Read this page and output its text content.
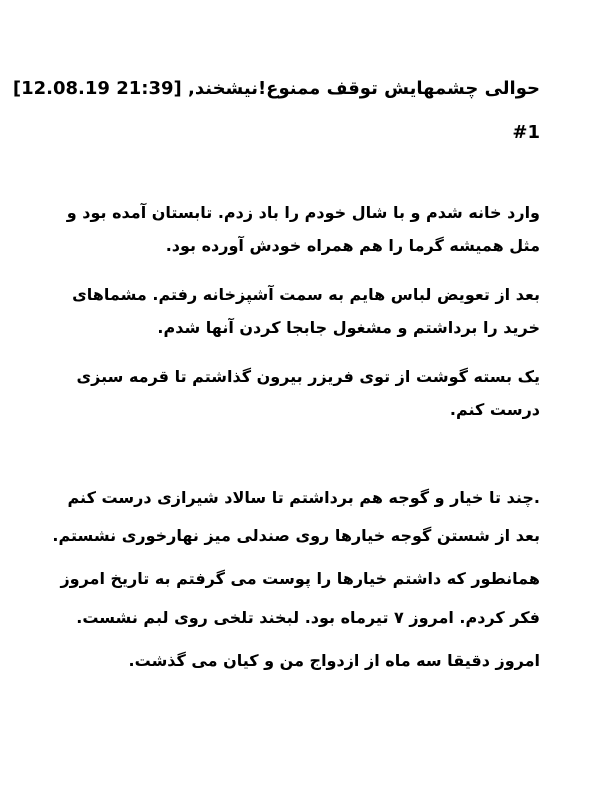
[حوالی چشمهایش توقف ممنوع!نیشخند, [21:39 12.08.19

#1

وارد خانه شدم و با شال خودم را باد زدم. تابستان آمده بود و

.مثل همیشه گرما را هم همراه خودش آورده بود

بعد از تعویض لباس هایم به سمت آشپزخانه رفتم. مشماهای

.خرید را برداشتم و مشغول جابجا کردن آنها شدم

یک بسته گوشت از توی فریزر بیرون گذاشتم تا قرمه سبزی

.درست کنم

چند تا خیار و گوجه هم برداشتم تا سالاد شیرازی درست کنم.

.بعد از شستن گوجه خیارها روی صندلی میز نهارخوری نشستم

همانطور که داشتم خیارها را پوست می گرفتم به تاریخ امروز

.فکر کردم. امروز ۷ تیرماه بود. لبخند تلخی روی لبم نشست

.امروز دقیقا سه ماه از ازدواج من و کیان می گذشت
